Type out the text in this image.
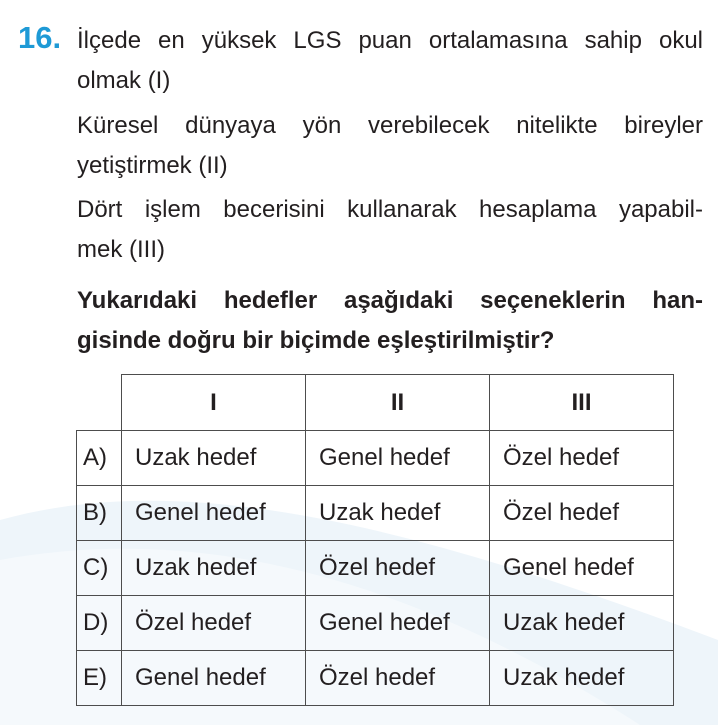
16. İlçede en yüksek LGS puan ortalamasına sahip okul
olmak (I)
Küresel dünyaya yön verebilecek nitelikte bireyler
yetiştirmek (II)
Dört işlem becerisini kullanarak hesaplama yapabil-
mek (III)
Yukarıdaki hedefler aşağıdaki seçeneklerin han-
gisinde doğru bir biçimde eşleştirilmiştir?
	I	II	III
A)	Uzak hedef	Genel hedef	Özel hedef
B)	Genel hedef	Uzak hedef	Özel hedef
C)	Uzak hedef	Özel hedef	Genel hedef
D)	Özel hedef	Genel hedef	Uzak hedef
E)	Genel hedef	Özel hedef	Uzak hedef
